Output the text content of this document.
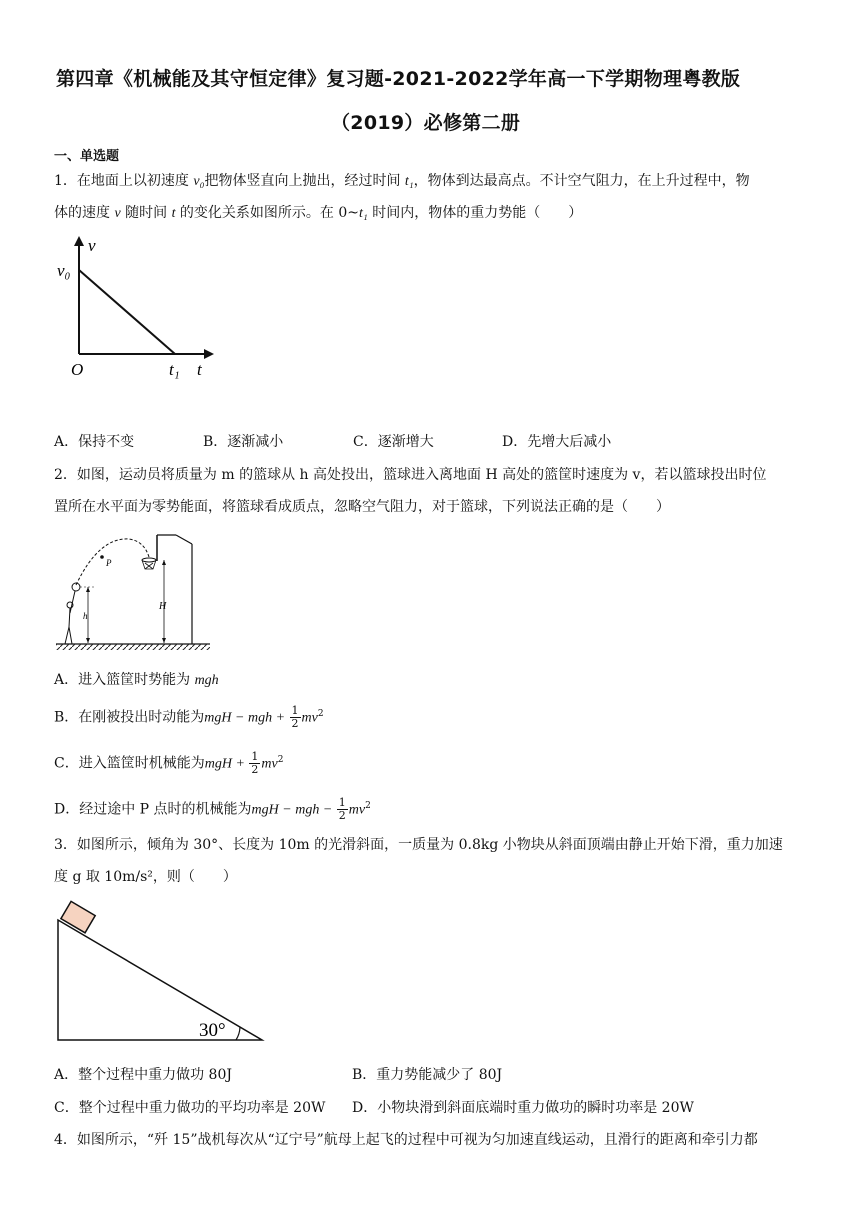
第四章《机械能及其守恒定律》复习题-2021-2022学年高一下学期物理粤教版
（2019）必修第二册
一、单选题
1．在地面上以初速度 v₀把物体竖直向上抛出，经过时间 t₁，物体到达最高点。不计空气阻力，在上升过程中，物
体的速度 v 随时间 t 的变化关系如图所示。在 0~t₁ 时间内，物体的重力势能（　　）
v
t
O
v₀
t₁
A．保持不变	B．逐渐减小	C．逐渐增大	D．先增大后减小
2．如图，运动员将质量为 m 的篮球从 h 高处投出，篮球进入离地面 H 高处的篮筐时速度为 v，若以篮球投出时位
置所在水平面为零势能面，将篮球看成质点，忽略空气阻力，对于篮球，下列说法正确的是（　　）
P
h
H
A．进入篮筐时势能为 mgh
B．在刚被投出时动能为mgH − mgh + $\frac{1}{2} mv^2$
C．进入篮筐时机械能为mgH + $\frac{1}{2} mv^2$
D．经过途中 P 点时的机械能为mgH − mgh − $\frac{1}{2} mv^2$
3．如图所示，倾角为 30°、长度为 10m 的光滑斜面，一质量为 0.8kg 小物块从斜面顶端由静止开始下滑，重力加速
度 g 取 10m/s²，则（　　）
30°
A．整个过程中重力做功 80J	B．重力势能减少了 80J
C．整个过程中重力做功的平均功率是 20W D．小物块滑到斜面底端时重力做功的瞬时功率是 20W
4．如图所示，“歼 15”战机每次从“辽宁号”航母上起飞的过程中可视为匀加速直线运动，且滑行的距离和牵引力都
